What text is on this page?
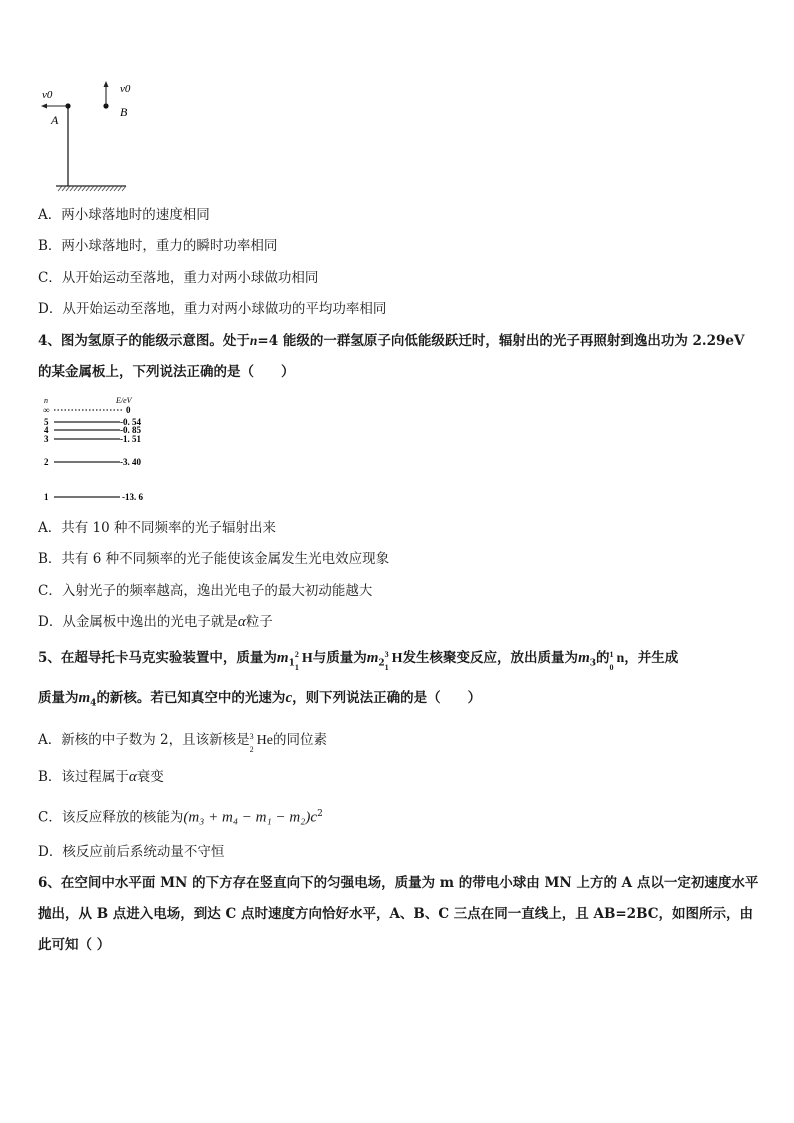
v0	v0
A
B
A．两小球落地时的速度相同
B．两小球落地时，重力的瞬时功率相同
C．从开始运动至落地，重力对两小球做功相同
D．从开始运动至落地，重力对两小球做功的平均功率相同
4、图为氢原子的能级示意图。处于n=4 能级的一群氢原子向低能级跃迁时，辐射出的光子再照射到逸出功为 2.29eV
的某金属板上，下列说法正确的是（　　）
n	E/eV
∞	0
5	-0. 54
4	-0. 85
3	-1. 51
2	-3. 40
1	-13. 6
A．共有 10 种不同频率的光子辐射出来
B．共有 6 种不同频率的光子能使该金属发生光电效应现象
C．入射光子的频率越高，逸出光电子的最大初动能越大
D．从金属板中逸出的光电子就是α粒子
5、在超导托卡马克实验装置中，质量为$m_1$
2
1
H与质量为$m_2$
3
1
H发生核聚变反应，放出质量为$m_3$的 1
0
n，并生成
质量为$m_4$的新核。若已知真空中的光速为c，则下列说法正确的是（　　）
A．新核的中子数为 2，且该新核是 3
2
He的同位素
B．该过程属于α衰变
C．该反应释放的核能为$(m_3 + m_4 - m_1 - m_2)c^2$
D．核反应前后系统动量不守恒
6、在空间中水平面 MN 的下方存在竖直向下的匀强电场，质量为 m 的带电小球由 MN 上方的 A 点以一定初速度水平
抛出，从 B 点进入电场，到达 C 点时速度方向恰好水平，A、B、C 三点在同一直线上，且 AB=2BC，如图所示，由
此可知（ ）
